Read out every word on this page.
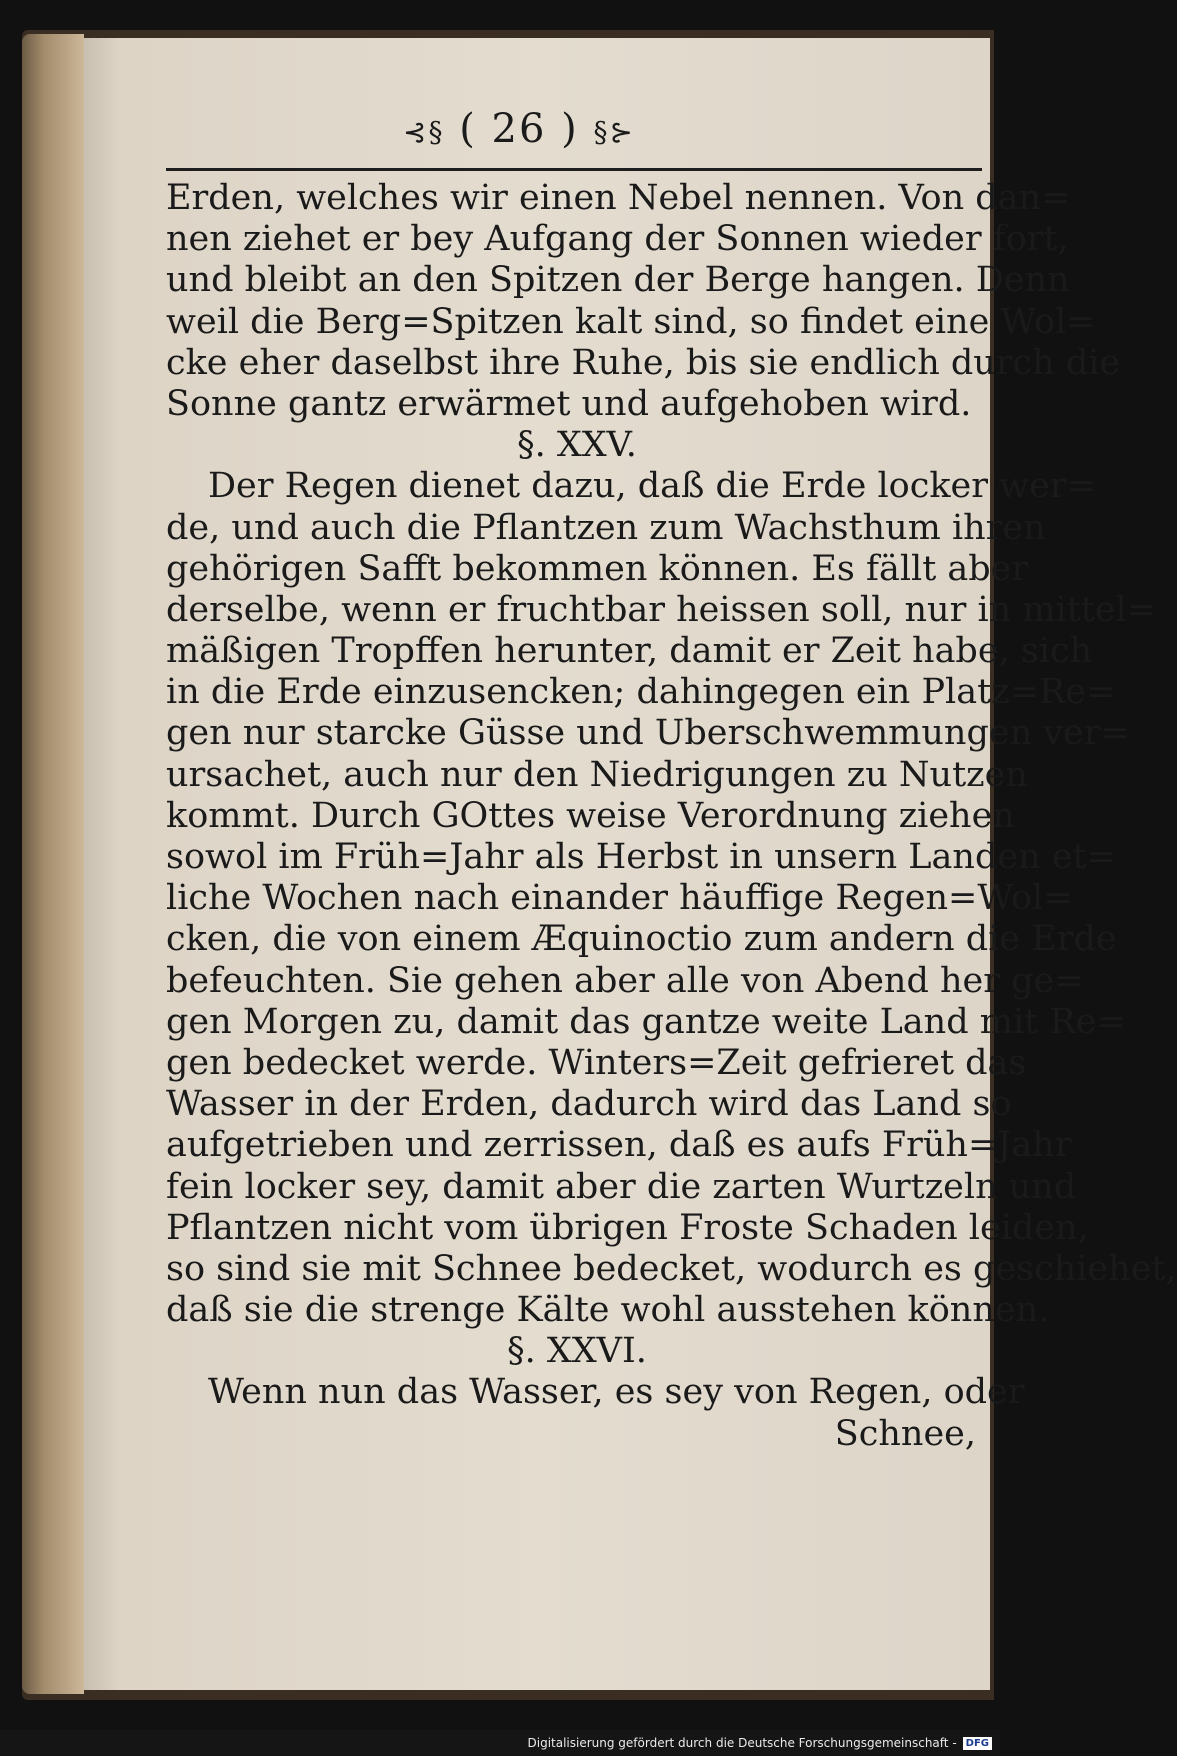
⊰§ ( 26 ) §⊱
Erden, welches wir einen Nebel nennen. Von dan=
nen ziehet er bey Aufgang der Sonnen wieder fort,
und bleibt an den Spitzen der Berge hangen. Denn
weil die Berg=Spitzen kalt sind, so findet eine Wol=
cke eher daselbst ihre Ruhe, bis sie endlich durch die
Sonne gantz erwärmet und aufgehoben wird.
§. XXV.
Der Regen dienet dazu, daß die Erde locker wer=
de, und auch die Pflantzen zum Wachsthum ihren
gehörigen Safft bekommen können. Es fällt aber
derselbe, wenn er fruchtbar heissen soll, nur in mittel=
mäßigen Tropffen herunter, damit er Zeit habe, sich
in die Erde einzusencken; dahingegen ein Platz=Re=
gen nur starcke Güsse und Uberschwemmungen ver=
ursachet, auch nur den Niedrigungen zu Nutzen
kommt. Durch GOttes weise Verordnung ziehen
sowol im Früh=Jahr als Herbst in unsern Landen et=
liche Wochen nach einander häuffige Regen=Wol=
cken, die von einem Æquinoctio zum andern die Erde
befeuchten. Sie gehen aber alle von Abend her ge=
gen Morgen zu, damit das gantze weite Land mit Re=
gen bedecket werde. Winters=Zeit gefrieret das
Wasser in der Erden, dadurch wird das Land so
aufgetrieben und zerrissen, daß es aufs Früh=Jahr
fein locker sey, damit aber die zarten Wurtzeln und
Pflantzen nicht vom übrigen Froste Schaden leiden,
so sind sie mit Schnee bedecket, wodurch es geschiehet,
daß sie die strenge Kälte wohl ausstehen können.
§. XXVI.
Wenn nun das Wasser, es sey von Regen, oder
Schnee,
Digitalisierung gefördert durch die Deutsche Forschungsgemeinschaft - DFG
